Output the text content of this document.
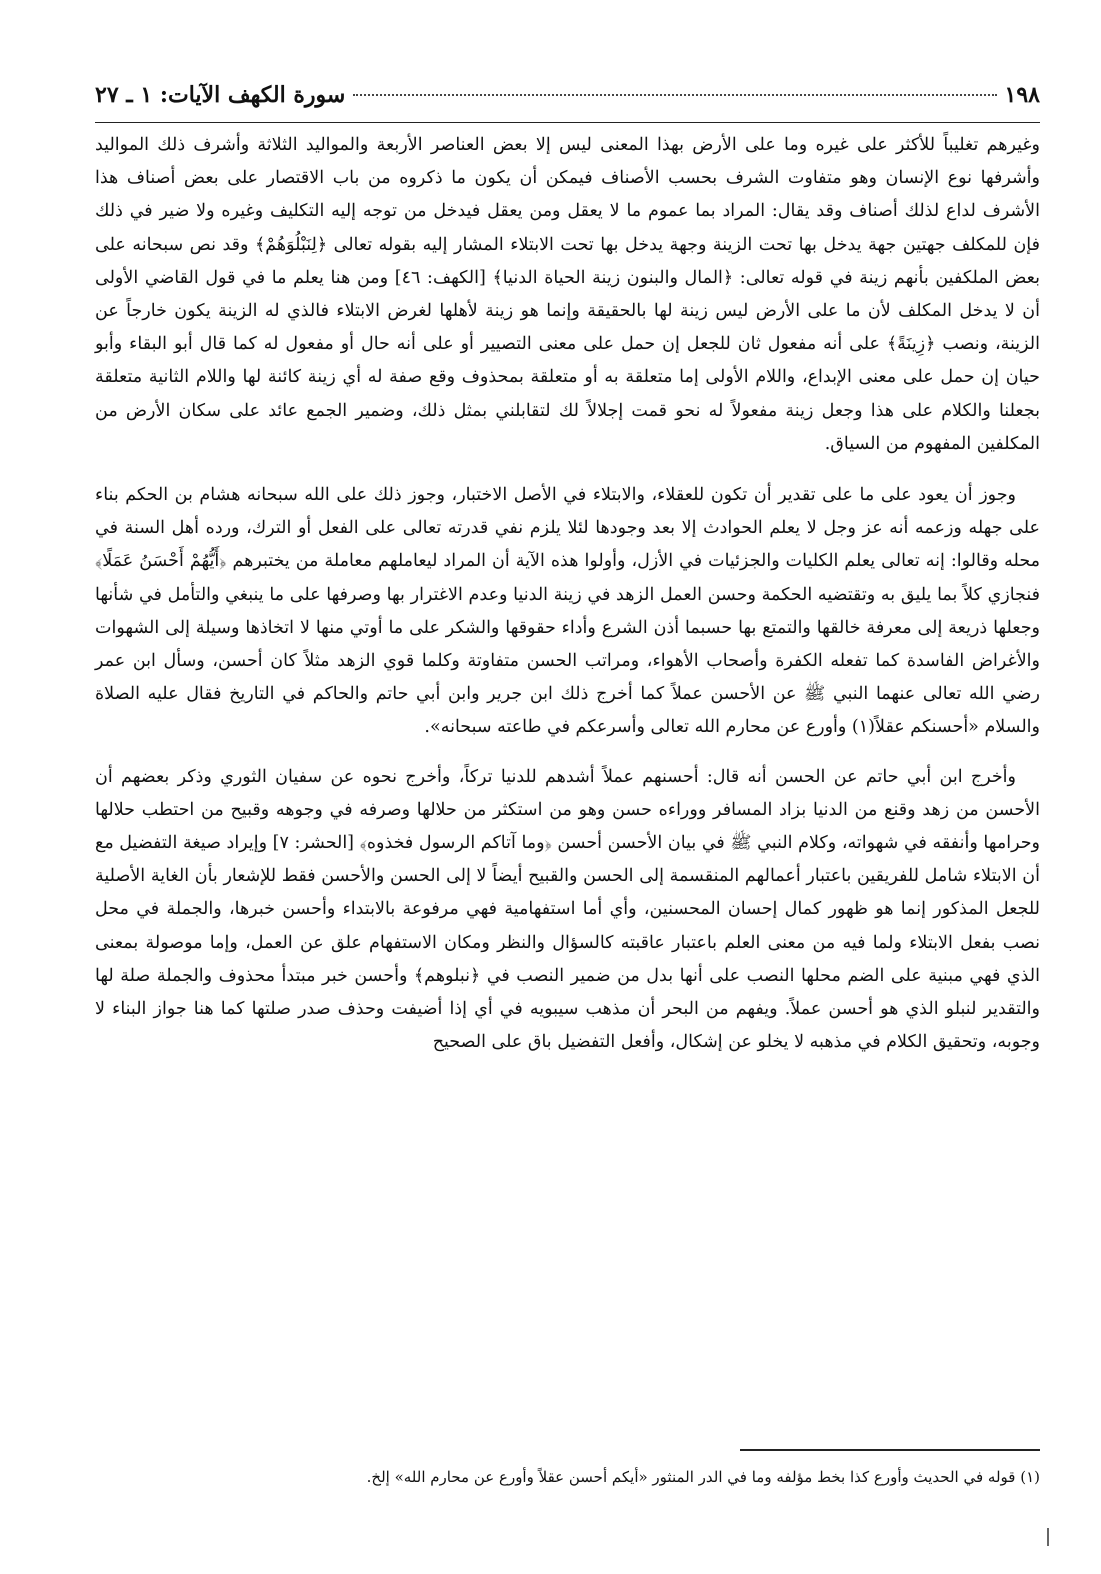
١٩٨
سورة الكهف الآيات: ١ ـ ٢٧

وغيرهم تغليباً للأكثر على غيره وما على الأرض بهذا المعنى ليس إلا بعض العناصر الأربعة والمواليد الثلاثة وأشرف ذلك المواليد وأشرفها نوع الإنسان وهو متفاوت الشرف بحسب الأصناف فيمكن أن يكون ما ذكروه من باب الاقتصار على بعض أصناف هذا الأشرف لداع لذلك أصناف وقد يقال: المراد بما عموم ما لا يعقل ومن يعقل فيدخل من توجه إليه التكليف وغيره ولا ضير في ذلك فإن للمكلف جهتين جهة يدخل بها تحت الزينة وجهة يدخل بها تحت الابتلاء المشار إليه بقوله تعالى ﴿لِنَبْلُوَهُمْ﴾ وقد نص سبحانه على بعض الملكفين بأنهم زينة في قوله تعالى: ﴿المال والبنون زينة الحياة الدنيا﴾ [الكهف: ٤٦] ومن هنا يعلم ما في قول القاضي الأولى أن لا يدخل المكلف لأن ما على الأرض ليس زينة لها بالحقيقة وإنما هو زينة لأهلها لغرض الابتلاء فالذي له الزينة يكون خارجاً عن الزينة، ونصب ﴿زِينَةً﴾ على أنه مفعول ثان للجعل إن حمل على معنى التصيير أو على أنه حال أو مفعول له كما قال أبو البقاء وأبو حيان إن حمل على معنى الإبداع، واللام الأولى إما متعلقة به أو متعلقة بمحذوف وقع صفة له أي زينة كائنة لها واللام الثانية متعلقة بجعلنا والكلام على هذا وجعل زينة مفعولاً له نحو قمت إجلالاً لك لتقابلني بمثل ذلك، وضمير الجمع عائد على سكان الأرض من المكلفين المفهوم من السياق.

وجوز أن يعود على ما على تقدير أن تكون للعقلاء، والابتلاء في الأصل الاختبار، وجوز ذلك على الله سبحانه هشام بن الحكم بناء على جهله وزعمه أنه عز وجل لا يعلم الحوادث إلا بعد وجودها لئلا يلزم نفي قدرته تعالى على الفعل أو الترك، ورده أهل السنة في محله وقالوا: إنه تعالى يعلم الكليات والجزئيات في الأزل، وأولوا هذه الآية أن المراد ليعاملهم معاملة من يختبرهم ﴿أَيُّهُمْ أَحْسَنُ عَمَلًا﴾ فنجازي كلاً بما يليق به وتقتضيه الحكمة وحسن العمل الزهد في زينة الدنيا وعدم الاغترار بها وصرفها على ما ينبغي والتأمل في شأنها وجعلها ذريعة إلى معرفة خالقها والتمتع بها حسبما أذن الشرع وأداء حقوقها والشكر على ما أوتي منها لا اتخاذها وسيلة إلى الشهوات والأغراض الفاسدة كما تفعله الكفرة وأصحاب الأهواء، ومراتب الحسن متفاوتة وكلما قوي الزهد مثلاً كان أحسن، وسأل ابن عمر رضي الله تعالى عنهما النبي ﷺ عن الأحسن عملاً كما أخرج ذلك ابن جرير وابن أبي حاتم والحاكم في التاريخ فقال عليه الصلاة والسلام «أحسنكم عقلاً(١) وأورع عن محارم الله تعالى وأسرعكم في طاعته سبحانه».

وأخرج ابن أبي حاتم عن الحسن أنه قال: أحسنهم عملاً أشدهم للدنيا تركاً، وأخرج نحوه عن سفيان الثوري وذكر بعضهم أن الأحسن من زهد وقنع من الدنيا بزاد المسافر ووراءه حسن وهو من استكثر من حلالها وصرفه في وجوهه وقبيح من احتطب حلالها وحرامها وأنفقه في شهواته، وكلام النبي ﷺ في بيان الأحسن أحسن ﴿وما آتاكم الرسول فخذوه﴾ [الحشر: ٧] وإيراد صيغة التفضيل مع أن الابتلاء شامل للفريقين باعتبار أعمالهم المنقسمة إلى الحسن والقبيح أيضاً لا إلى الحسن والأحسن فقط للإشعار بأن الغاية الأصلية للجعل المذكور إنما هو ظهور كمال إحسان المحسنين، وأي أما استفهامية فهي مرفوعة بالابتداء وأحسن خبرها، والجملة في محل نصب بفعل الابتلاء ولما فيه من معنى العلم باعتبار عاقبته كالسؤال والنظر ومكان الاستفهام علق عن العمل، وإما موصولة بمعنى الذي فهي مبنية على الضم محلها النصب على أنها بدل من ضمير النصب في ﴿نبلوهم﴾ وأحسن خبر مبتدأ محذوف والجملة صلة لها والتقدير لنبلو الذي هو أحسن عملاً. ويفهم من البحر أن مذهب سيبويه في أي إذا أضيفت وحذف صدر صلتها كما هنا جواز البناء لا وجوبه، وتحقيق الكلام في مذهبه لا يخلو عن إشكال، وأفعل التفضيل باق على الصحيح

(١) قوله في الحديث وأورع كذا بخط مؤلفه وما في الدر المنثور «أيكم أحسن عقلاً وأورع عن محارم الله» إلخ.
